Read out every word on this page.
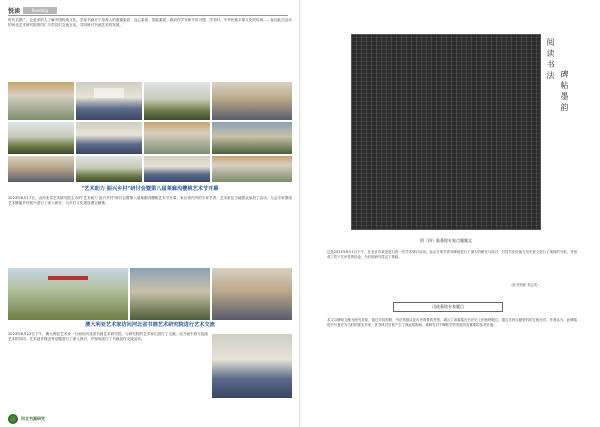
悦读	Reading
时代名胜广，让更多的人了解中国传统文化。学前书画对于培养人的道德素质、良心素质、智能素质、我前作学写和专体习惯、学书时，中华民族丰厚文化的传承……参加此次活动的河北艺术研究院的同仁与学员们交流互动，共同研讨书画艺术的发展。
"艺术助力 振兴乡村"研讨会暨第八届莱廊沟樱桃艺术节开幕
2023年6月17日，由河北省艺术研究院主办的"艺术助力 振兴乡村"研讨会暨第八届莱廊沟樱桃艺术节开幕，来自省内外的专家学者、艺术家及当地群众参加了活动。与会专家围绕艺术赋能乡村振兴进行了深入研讨，为乡村文化建设建言献策。
澳大利亚艺术家访问河北省书画艺术研究院进行艺术交流
2023年6月23日下午，澳大利亚艺术家一行到访河北省书画艺术研究院，与研究院的艺术家们进行了交流。双方就中西方绘画艺术的异同、艺术创作理念等话题进行了深入探讨，并现场进行了书画创作交流活动。
河北书画研究
阅读书法 碑帖墨韵
图（四）临墓铭专家点题题文
这是2023年6月1日下午，在北京市某处进行的一次学术研讨活动。参会专家学者对碑帖进行了深入的研究与探讨，对其书法价值与历史意义进行了细致的分析，并形成了若干共识性的结论，为后续研究奠定了基础。
（临书刻意 李志英）
司徒墓铭专家题目
本文以碑帖文献为研究对象，通过对其形制、书法风格以及历史背景的考察，揭示了该墓铭在书法史上的独特地位。通过多种文献资料的互相比对，作者认为，此碑铭的书写者应为当时的著名书家，其书风对后世产生了深远的影响。该研究对于碑帖学的发展具有重要的参考价值。
